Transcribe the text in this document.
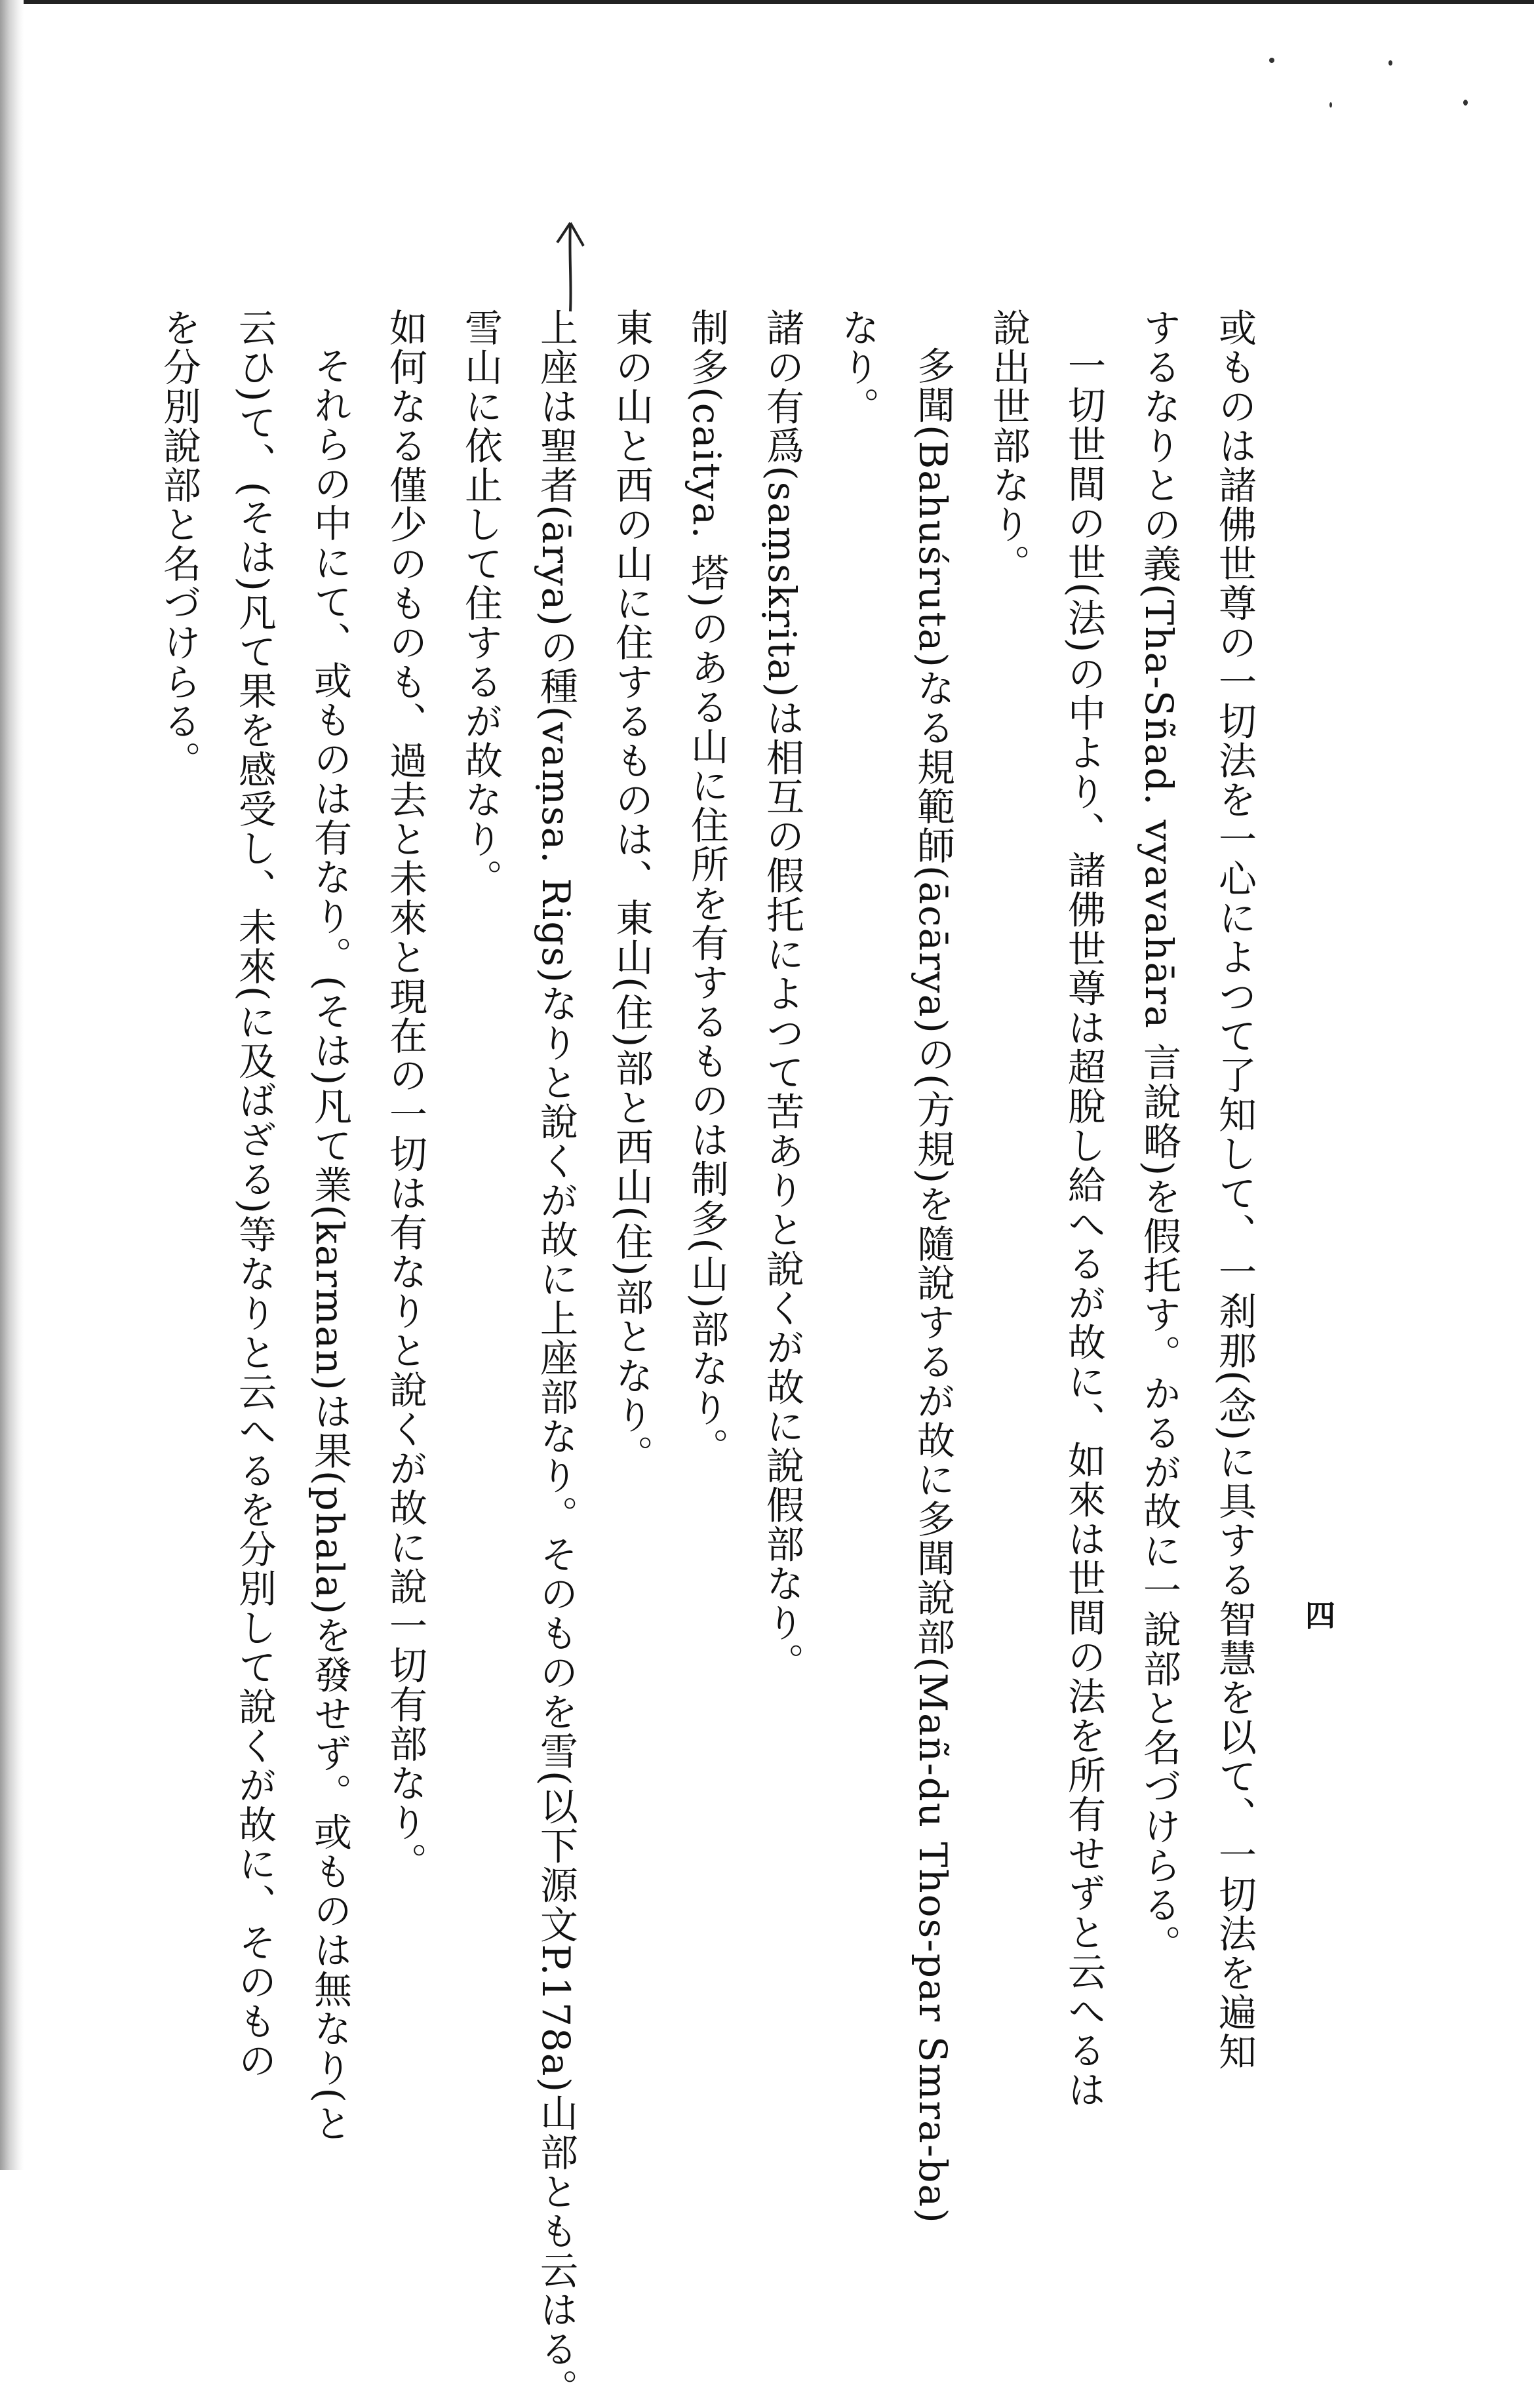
四
或ものは諸佛世尊の一切法を一心によつて了知して、一刹那(念)に具する智慧を以て、一切法を遍知
するなりとの義(Tha-Sñad. vyavahāra 言說略)を假托す。かるが故に一說部と名づけらる。
一切世間の世(法)の中より、諸佛世尊は超脫し給へるが故に、如來は世間の法を所有せずと云へるは
說出世部なり。
多聞(Bahuśruta)なる規範師(ācārya)の(方規)を隨說するが故に多聞說部(Mañ-du Thos-par Smra-ba)
なり。
諸の有爲(saṃskṛita)は相互の假托によつて苦ありと說くが故に說假部なり。
制多(caitya. 塔)のある山に住所を有するものは制多(山)部なり。
東の山と西の山に住するものは、東山(住)部と西山(住)部となり。
上座は聖者(ārya)の種(vaṃsa. Rigs)なりと說くが故に上座部なり。そのものを雪(以下源文P.178a)山部とも云はる。
雪山に依止して住するが故なり。
如何なる僅少のものも、過去と未來と現在の一切は有なりと說くが故に說一切有部なり。
それらの中にて、或ものは有なり。(そは)凡て業(karman)は果(phala)を發せず。或ものは無なり(と
云ひ)て、(そは)凡て果を感受し、未來(に及ばざる)等なりと云へるを分別して說くが故に、そのもの
を分別說部と名づけらる。
